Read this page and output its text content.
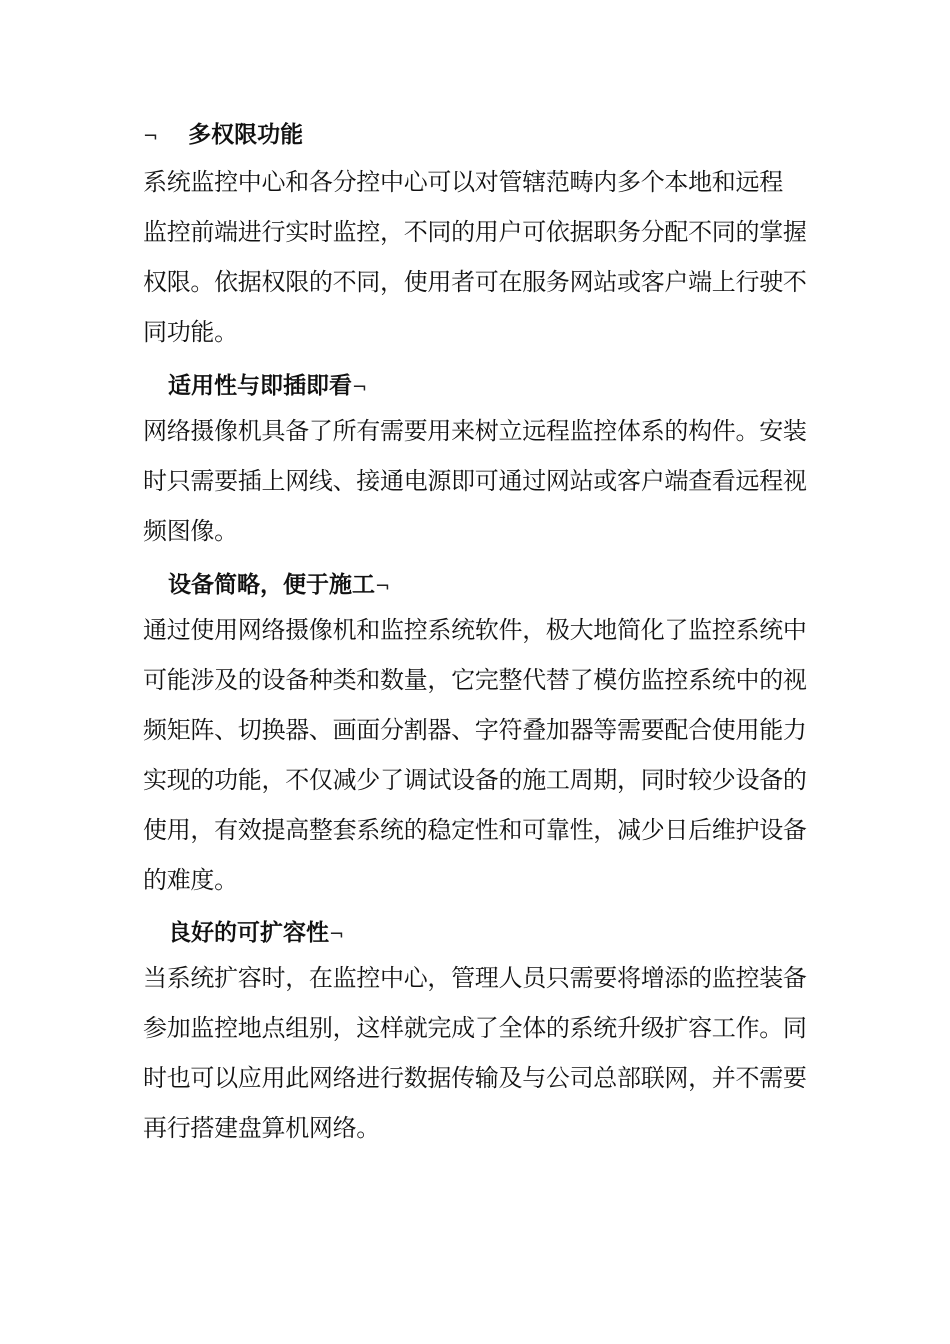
¬ 多权限功能
系统监控中心和各分控中心可以对管辖范畴内多个本地和远程
监控前端进行实时监控，不同的用户可依据职务分配不同的掌握
权限。依据权限的不同，使用者可在服务网站或客户端上行驶不
同功能。
适用性与即插即看¬
网络摄像机具备了所有需要用来树立远程监控体系的构件。安装
时只需要插上网线、接通电源即可通过网站或客户端查看远程视
频图像。
设备简略，便于施工¬
通过使用网络摄像机和监控系统软件，极大地简化了监控系统中
可能涉及的设备种类和数量，它完整代替了模仿监控系统中的视
频矩阵、切换器、画面分割器、字符叠加器等需要配合使用能力
实现的功能，不仅减少了调试设备的施工周期，同时较少设备的
使用，有效提高整套系统的稳定性和可靠性，减少日后维护设备
的难度。
良好的可扩容性¬
当系统扩容时，在监控中心，管理人员只需要将增添的监控装备
参加监控地点组别，这样就完成了全体的系统升级扩容工作。同
时也可以应用此网络进行数据传输及与公司总部联网，并不需要
再行搭建盘算机网络。
